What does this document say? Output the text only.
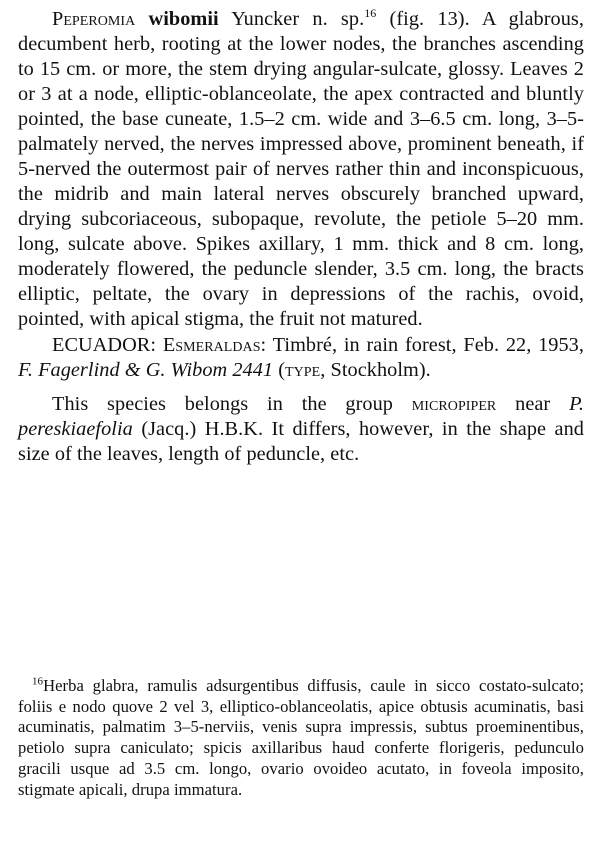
Peperomia wibomii Yuncker n. sp.$^{16}$ (fig. 13). A glabrous, decumbent herb, rooting at the lower nodes, the branches ascending to 15 cm. or more, the stem drying angular-sulcate, glossy. Leaves 2 or 3 at a node, elliptic-oblanceolate, the apex contracted and bluntly pointed, the base cuneate, 1.5–2 cm. wide and 3–6.5 cm. long, 3–5-palmately nerved, the nerves impressed above, prominent beneath, if 5-nerved the outermost pair of nerves rather thin and inconspicuous, the midrib and main lateral nerves obscurely branched upward, drying subcoriaceous, subopaque, revolute, the petiole 5–20 mm. long, sulcate above. Spikes axillary, 1 mm. thick and 8 cm. long, moderately flowered, the peduncle slender, 3.5 cm. long, the bracts elliptic, peltate, the ovary in depressions of the rachis, ovoid, pointed, with apical stigma, the fruit not matured.

ECUADOR: Esmeraldas: Timbré, in rain forest, Feb. 22, 1953, F. Fagerlind & G. Wibom 2441 (type, Stockholm).

This species belongs in the group micropiper near P. pereskiaefolia (Jacq.) H.B.K. It differs, however, in the shape and size of the leaves, length of peduncle, etc.

$^{16}$Herba glabra, ramulis adsurgentibus diffusis, caule in sicco costato-sulcato; foliis e nodo quove 2 vel 3, elliptico-oblanceolatis, apice obtusis acuminatis, basi acuminatis, palmatim 3–5-nerviis, venis supra impressis, subtus proeminentibus, petiolo supra caniculato; spicis axillaribus haud conferte florigeris, pedunculo gracili usque ad 3.5 cm. longo, ovario ovoideo acutato, in foveola imposito, stigmate apicali, drupa immatura.
